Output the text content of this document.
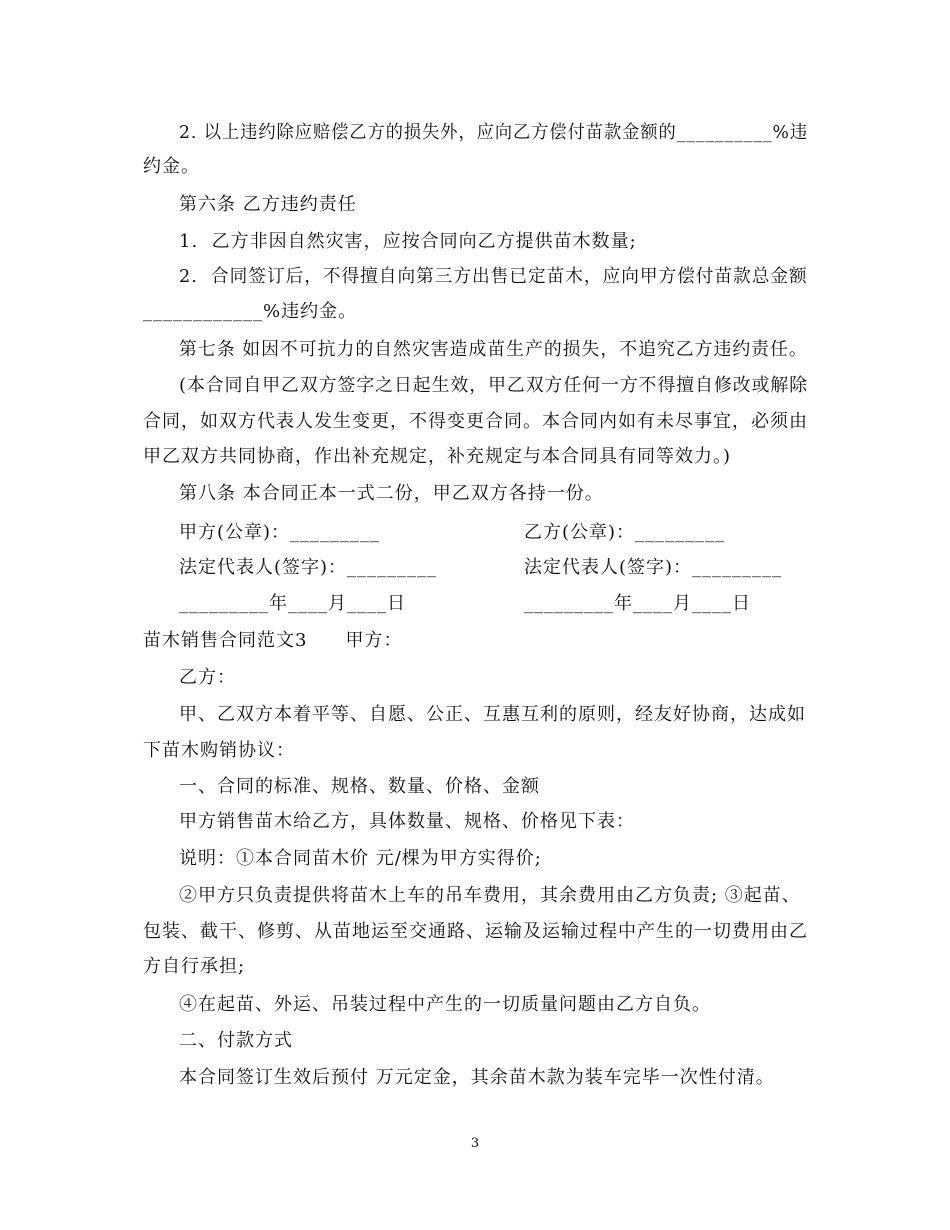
2. 以上违约除应赔偿乙方的损失外，应向乙方偿付苗款金额的__________%违
约金。
第六条 乙方违约责任
1.  乙方非因自然灾害，应按合同向乙方提供苗木数量;
2.  合同签订后，不得擅自向第三方出售已定苗木，应向甲方偿付苗款总金额
____________%违约金。
第七条 如因不可抗力的自然灾害造成苗生产的损失，不追究乙方违约责任。
(本合同自甲乙双方签字之日起生效，甲乙双方任何一方不得擅自修改或解除
合同，如双方代表人发生变更，不得变更合同。本合同内如有未尽事宜，必须由
甲乙双方共同协商，作出补充规定，补充规定与本合同具有同等效力。)
第八条 本合同正本一式二份，甲乙双方各持一份。
甲方(公章)：_________	乙方(公章)：_________
法定代表人(签字)：_________	法定代表人(签字)：_________
_________年____月____日	_________年____月____日
苗木销售合同范文3　　甲方：
乙方：
甲、乙双方本着平等、自愿、公正、互惠互利的原则，经友好协商，达成如
下苗木购销协议：
一、合同的标准、规格、数量、价格、金额
甲方销售苗木给乙方，具体数量、规格、价格见下表：
说明：①本合同苗木价 元/棵为甲方实得价;
②甲方只负责提供将苗木上车的吊车费用，其余费用由乙方负责; ③起苗、
包装、截干、修剪、从苗地运至交通路、运输及运输过程中产生的一切费用由乙
方自行承担;
④在起苗、外运、吊装过程中产生的一切质量问题由乙方自负。
二、付款方式
本合同签订生效后预付 万元定金，其余苗木款为装车完毕一次性付清。
3
